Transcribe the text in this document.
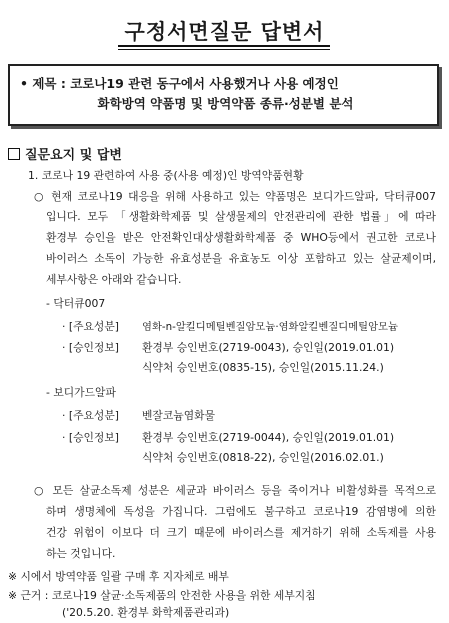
구정서면질문 답변서
• 제목 : 코로나19 관련 동구에서 사용했거나 사용 예정인

화학방역 약품명 및 방역약품 종류·성분별 분석
질문요지 및 답변
1. 코로나 19 관련하여 사용 중(사용 예정)인 방역약품현황
○ 현재 코로나19 대응을 위해 사용하고 있는 약품명은 보디가드알파, 닥터큐007
입니다. 모두 「생활화학제품 및 살생물제의 안전관리에 관한 법률」에 따라
환경부 승인을 받은 안전확인대상생활화학제품 중 WHO등에서 권고한 코로나
바이러스 소독이 가능한 유효성분을 유효농도 이상 포함하고 있는 살균제이며,
세부사항은 아래와 같습니다.
- 닥터큐007
· [주요성분] 염화-n-알킬디메틸벤질암모늄·염화알킬벤질디메틸암모늄
· [승인정보] 환경부 승인번호(2719-0043), 승인일(2019.01.01)
식약처 승인번호(0835-15), 승인일(2015.11.24.)
- 보디가드알파
· [주요성분] 벤잘코늄염화물
· [승인정보] 환경부 승인번호(2719-0044), 승인일(2019.01.01)
식약처 승인번호(0818-22), 승인일(2016.02.01.)
○ 모든 살균소독제 성분은 세균과 바이러스 등을 죽이거나 비활성화를 목적으로
하며 생명체에 독성을 가집니다. 그럼에도 불구하고 코로나19 감염병에 의한
건강 위험이 이보다 더 크기 때문에 바이러스를 제거하기 위해 소독제를 사용
하는 것입니다.
※ 시에서 방역약품 일괄 구매 후 지자체로 배부
※ 근거 : 코로나19 살균·소독제품의 안전한 사용을 위한 세부지침
('20.5.20. 환경부 화학제품관리과)
